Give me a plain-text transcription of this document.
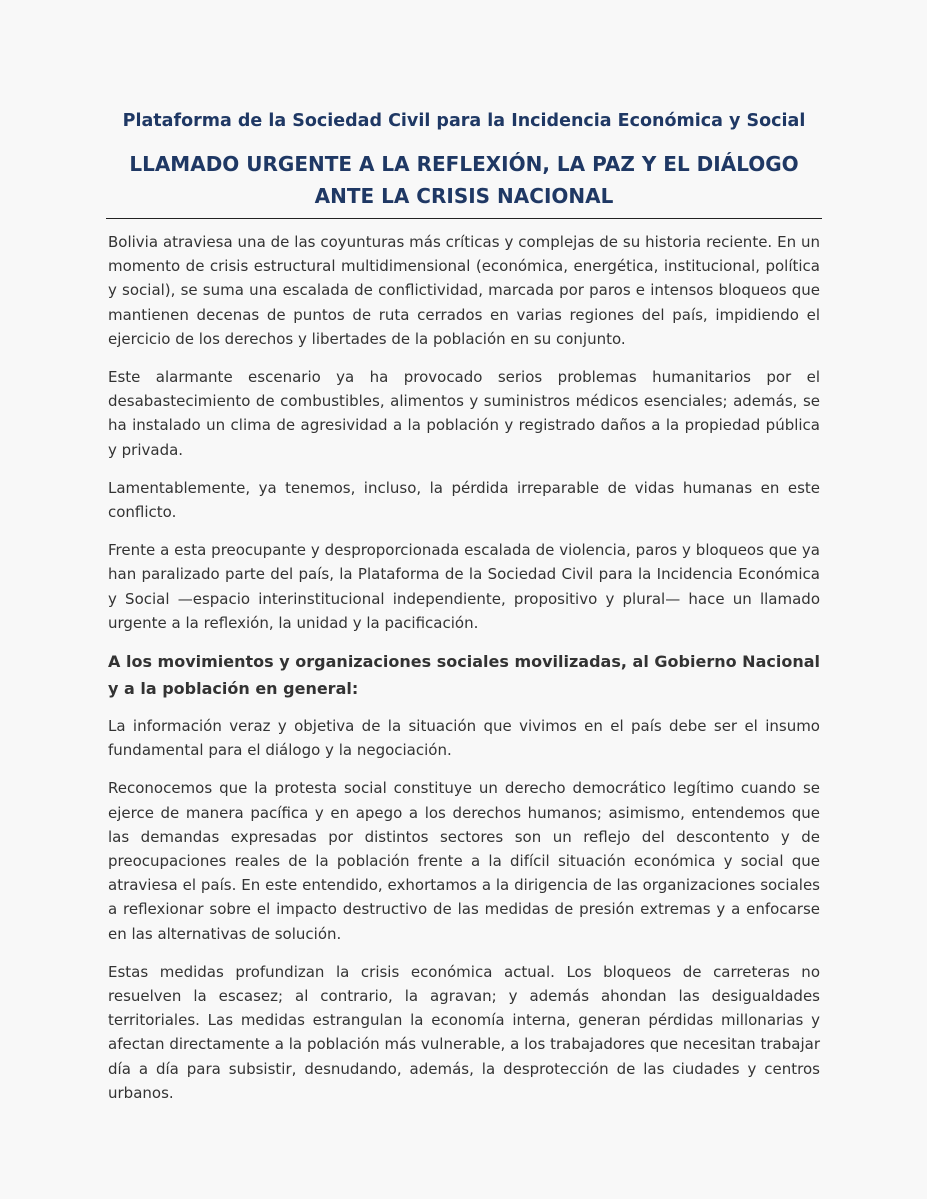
Plataforma de la Sociedad Civil para la Incidencia Económica y Social
LLAMADO URGENTE A LA REFLEXIÓN, LA PAZ Y EL DIÁLOGO ANTE LA CRISIS NACIONAL

Bolivia atraviesa una de las coyunturas más críticas y complejas de su historia reciente. En un momento de crisis estructural multidimensional (económica, energética, institucional, política y social), se suma una escalada de conflictividad, marcada por paros e intensos bloqueos que mantienen decenas de puntos de ruta cerrados en varias regiones del país, impidiendo el ejercicio de los derechos y libertades de la población en su conjunto.

Este alarmante escenario ya ha provocado serios problemas humanitarios por el desabastecimiento de combustibles, alimentos y suministros médicos esenciales; además, se ha instalado un clima de agresividad a la población y registrado daños a la propiedad pública y privada.

Lamentablemente, ya tenemos, incluso, la pérdida irreparable de vidas humanas en este conflicto.

Frente a esta preocupante y desproporcionada escalada de violencia, paros y bloqueos que ya han paralizado parte del país, la Plataforma de la Sociedad Civil para la Incidencia Económica y Social —espacio interinstitucional independiente, propositivo y plural— hace un llamado urgente a la reflexión, la unidad y la pacificación.

A los movimientos y organizaciones sociales movilizadas, al Gobierno Nacional y a la población en general:

La información veraz y objetiva de la situación que vivimos en el país debe ser el insumo fundamental para el diálogo y la negociación.

Reconocemos que la protesta social constituye un derecho democrático legítimo cuando se ejerce de manera pacífica y en apego a los derechos humanos; asimismo, entendemos que las demandas expresadas por distintos sectores son un reflejo del descontento y de preocupaciones reales de la población frente a la difícil situación económica y social que atraviesa el país. En este entendido, exhortamos a la dirigencia de las organizaciones sociales a reflexionar sobre el impacto destructivo de las medidas de presión extremas y a enfocarse en las alternativas de solución.

Estas medidas profundizan la crisis económica actual. Los bloqueos de carreteras no resuelven la escasez; al contrario, la agravan; y además ahondan las desigualdades territoriales. Las medidas estrangulan la economía interna, generan pérdidas millonarias y afectan directamente a la población más vulnerable, a los trabajadores que necesitan trabajar día a día para subsistir, desnudando, además, la desprotección de las ciudades y centros urbanos.
